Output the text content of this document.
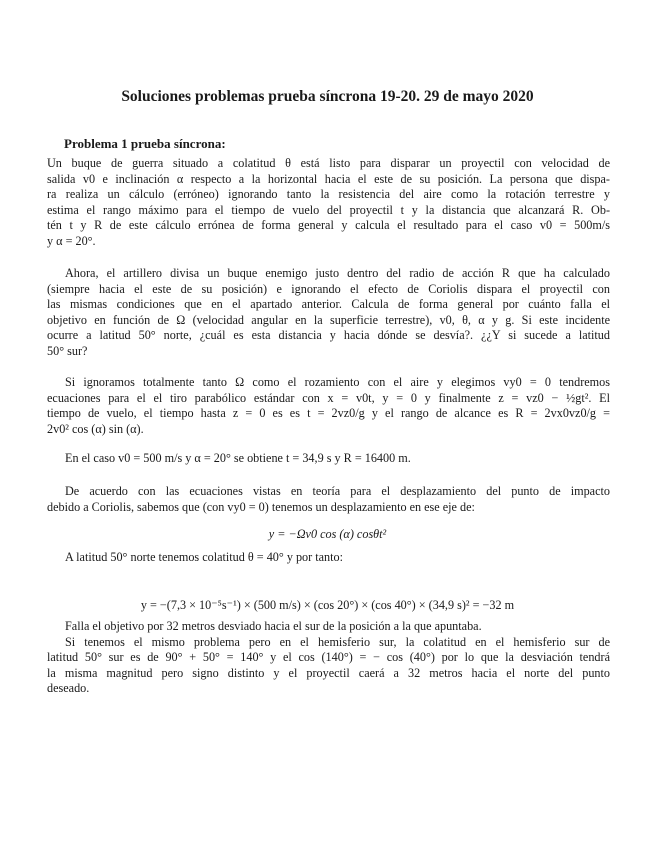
Soluciones problemas prueba síncrona 19-20. 29 de mayo 2020
Problema 1 prueba síncrona:
Un buque de guerra situado a colatitud θ está listo para disparar un proyectil con velocidad de
salida v0 e inclinación α respecto a la horizontal hacia el este de su posición. La persona que dispa-
ra realiza un cálculo (erróneo) ignorando tanto la resistencia del aire como la rotación terrestre y
estima el rango máximo para el tiempo de vuelo del proyectil t y la distancia que alcanzará R. Ob-
tén t y R de este cálculo errónea de forma general y calcula el resultado para el caso v0 = 500m/s
y α = 20°.
Ahora, el artillero divisa un buque enemigo justo dentro del radio de acción R que ha calculado
(siempre hacia el este de su posición) e ignorando el efecto de Coriolis dispara el proyectil con
las mismas condiciones que en el apartado anterior. Calcula de forma general por cuánto falla el
objetivo en función de Ω (velocidad angular en la superficie terrestre), v0, θ, α y g. Si este incidente
ocurre a latitud 50° norte, ¿cuál es esta distancia y hacia dónde se desvía?. ¿¿Y si sucede a latitud
50° sur?
Si ignoramos totalmente tanto Ω como el rozamiento con el aire y elegimos vy0 = 0 tendremos
ecuaciones para el el tiro parabólico estándar con x = v0t, y = 0 y finalmente z = vz0 − ½gt². El
tiempo de vuelo, el tiempo hasta z = 0 es es t = 2vz0/g y el rango de alcance es R = 2vx0vz0/g =
2v0² cos (α) sin (α).
En el caso v0 = 500 m/s y α = 20° se obtiene t = 34,9 s y R = 16400 m.
De acuerdo con las ecuaciones vistas en teoría para el desplazamiento del punto de impacto
debido a Coriolis, sabemos que (con vy0 = 0) tenemos un desplazamiento en ese eje de:
y = −Ωv0 cos (α) cosθt²
A latitud 50° norte tenemos colatitud θ = 40° y por tanto:
y = −(7,3 × 10⁻⁵s⁻¹) × (500 m/s) × (cos 20°) × (cos 40°) × (34,9 s)² = −32 m
Falla el objetivo por 32 metros desviado hacia el sur de la posición a la que apuntaba.
Si tenemos el mismo problema pero en el hemisferio sur, la colatitud en el hemisferio sur de
latitud 50° sur es de 90° + 50° = 140° y el cos (140°) = − cos (40°) por lo que la desviación tendrá
la misma magnitud pero signo distinto y el proyectil caerá a 32 metros hacia el norte del punto
deseado.
